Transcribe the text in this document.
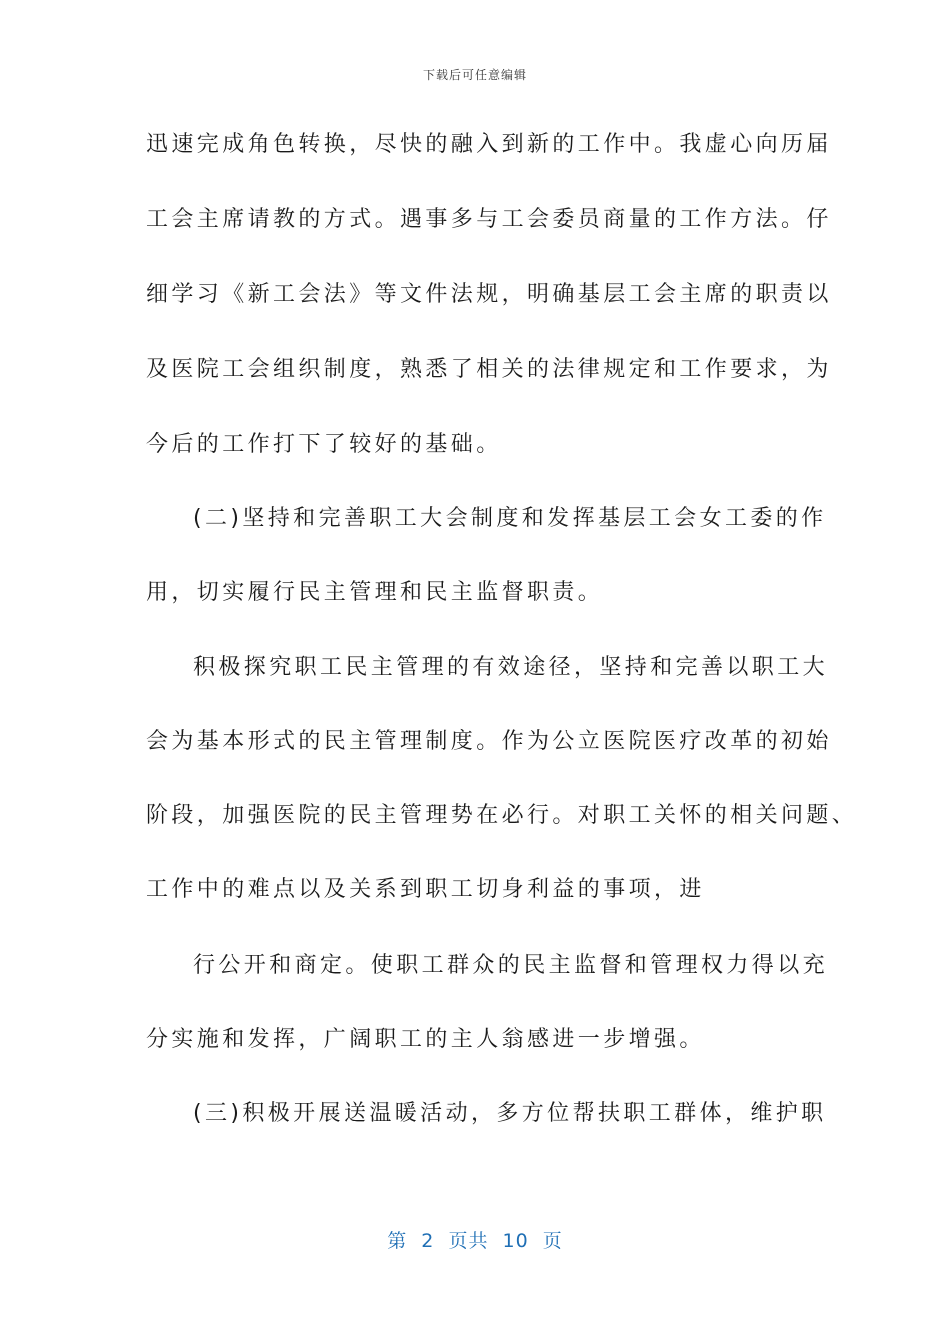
下载后可任意编辑
迅速完成角色转换，尽快的融入到新的工作中。我虚心向历届
工会主席请教的方式。遇事多与工会委员商量的工作方法。仔
细学习《新工会法》等文件法规，明确基层工会主席的职责以
及医院工会组织制度，熟悉了相关的法律规定和工作要求，为
今后的工作打下了较好的基础。
(二)坚持和完善职工大会制度和发挥基层工会女工委的作
用，切实履行民主管理和民主监督职责。
积极探究职工民主管理的有效途径，坚持和完善以职工大
会为基本形式的民主管理制度。作为公立医院医疗改革的初始
阶段，加强医院的民主管理势在必行。对职工关怀的相关问题、
工作中的难点以及关系到职工切身利益的事项，进
行公开和商定。使职工群众的民主监督和管理权力得以充
分实施和发挥，广阔职工的主人翁感进一步增强。
(三)积极开展送温暖活动，多方位帮扶职工群体，维护职
第  2  页共  10  页
